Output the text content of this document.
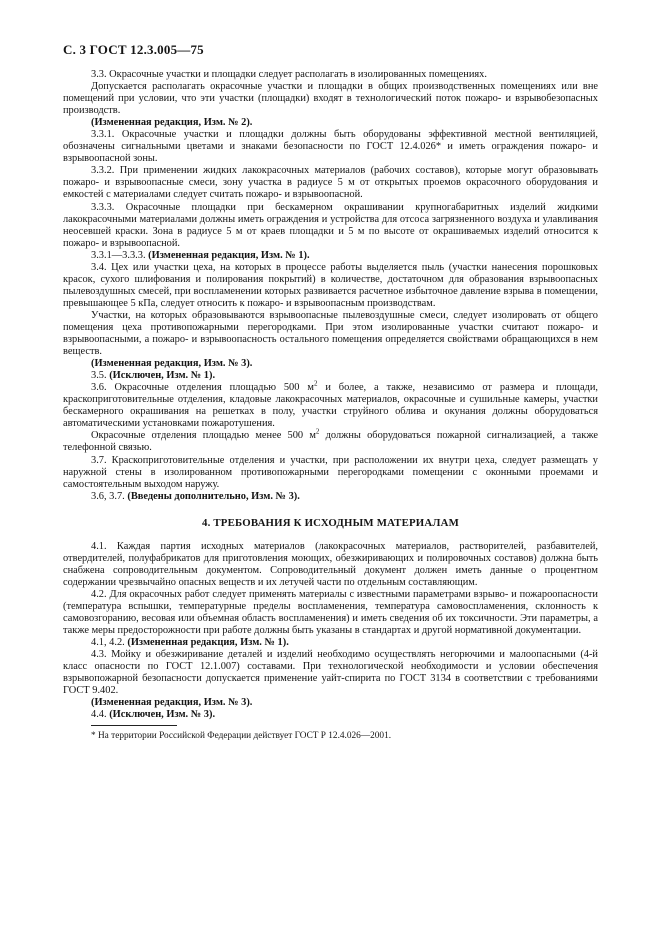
С. 3 ГОСТ 12.3.005—75

3.3. Окрасочные участки и площадки следует располагать в изолированных помещениях.

Допускается располагать окрасочные участки и площадки в общих производственных помещениях или вне помещений при условии, что эти участки (площадки) входят в технологический поток пожаро- и взрывобезопасных производств.

(Измененная редакция, Изм. № 2).

3.3.1. Окрасочные участки и площадки должны быть оборудованы эффективной местной вентиляцией, обозначены сигнальными цветами и знаками безопасности по ГОСТ 12.4.026* и иметь ограждения пожаро- и взрывоопасной зоны.

3.3.2. При применении жидких лакокрасочных материалов (рабочих составов), которые могут образовывать пожаро- и взрывоопасные смеси, зону участка в радиусе 5 м от открытых проемов окрасочного оборудования и емкостей с материалами следует считать пожаро- и взрывоопасной.

3.3.3. Окрасочные площадки при бескамерном окрашивании крупногабаритных изделий жидкими лакокрасочными материалами должны иметь ограждения и устройства для отсоса загрязненного воздуха и улавливания неосевшей краски. Зона в радиусе 5 м от краев площадки и 5 м по высоте от окрашиваемых изделий относится к пожаро- и взрывоопасной.

3.3.1—3.3.3. (Измененная редакция, Изм. № 1).

3.4. Цех или участки цеха, на которых в процессе работы выделяется пыль (участки нанесения порошковых красок, сухого шлифования и полирования покрытий) в количестве, достаточном для образования взрывоопасных пылевоздушных смесей, при воспламенении которых развивается расчетное избыточное давление взрыва в помещении, превышающее 5 кПа, следует относить к пожаро- и взрывоопасным производствам.

Участки, на которых образовываются взрывоопасные пылевоздушные смеси, следует изолировать от общего помещения цеха противопожарными перегородками. При этом изолированные участки считают пожаро- и взрывоопасными, а пожаро- и взрывоопасность остального помещения определяется свойствами обращающихся в нем веществ.

(Измененная редакция, Изм. № 3).

3.5. (Исключен, Изм. № 1).

3.6. Окрасочные отделения площадью 500 $м^2$ и более, а также, независимо от размера и площади, краскоприготовительные отделения, кладовые лакокрасочных материалов, окрасочные и сушильные камеры, участки бескамерного окрашивания на решетках в полу, участки струйного облива и окунания должны оборудоваться автоматическими установками пожаротушения.

Окрасочные отделения площадью менее 500 $м^2$ должны оборудоваться пожарной сигнализацией, а также телефонной связью.

3.7. Краскоприготовительные отделения и участки, при расположении их внутри цеха, следует размещать у наружной стены в изолированном противопожарными перегородками помещении с оконными проемами и самостоятельным выходом наружу.

3.6, 3.7. (Введены дополнительно, Изм. № 3).

4. ТРЕБОВАНИЯ К ИСХОДНЫМ МАТЕРИАЛАМ

4.1. Каждая партия исходных материалов (лакокрасочных материалов, растворителей, разбавителей, отвердителей, полуфабрикатов для приготовления моющих, обезжиривающих и полировочных составов) должна быть снабжена сопроводительным документом. Сопроводительный документ должен иметь данные о процентном содержании чрезвычайно опасных веществ и их летучей части по отдельным составляющим.

4.2. Для окрасочных работ следует применять материалы с известными параметрами взрыво- и пожароопасности (температура вспышки, температурные пределы воспламенения, температура самовоспламенения, склонность к самовозгоранию, весовая или объемная область воспламенения) и иметь сведения об их токсичности. Эти параметры, а также меры предосторожности при работе должны быть указаны в стандартах и другой нормативной документации.

4.1, 4.2. (Измененная редакция, Изм. № 1).

4.3. Мойку и обезжиривание деталей и изделий необходимо осуществлять негорючими и малоопасными (4-й класс опасности по ГОСТ 12.1.007) составами. При технологической необходимости и условии обеспечения взрывопожарной безопасности допускается применение уайт-спирита по ГОСТ 3134 в соответствии с требованиями ГОСТ 9.402.

(Измененная редакция, Изм. № 3).

4.4. (Исключен, Изм. № 3).

* На территории Российской Федерации действует ГОСТ Р 12.4.026—2001.
